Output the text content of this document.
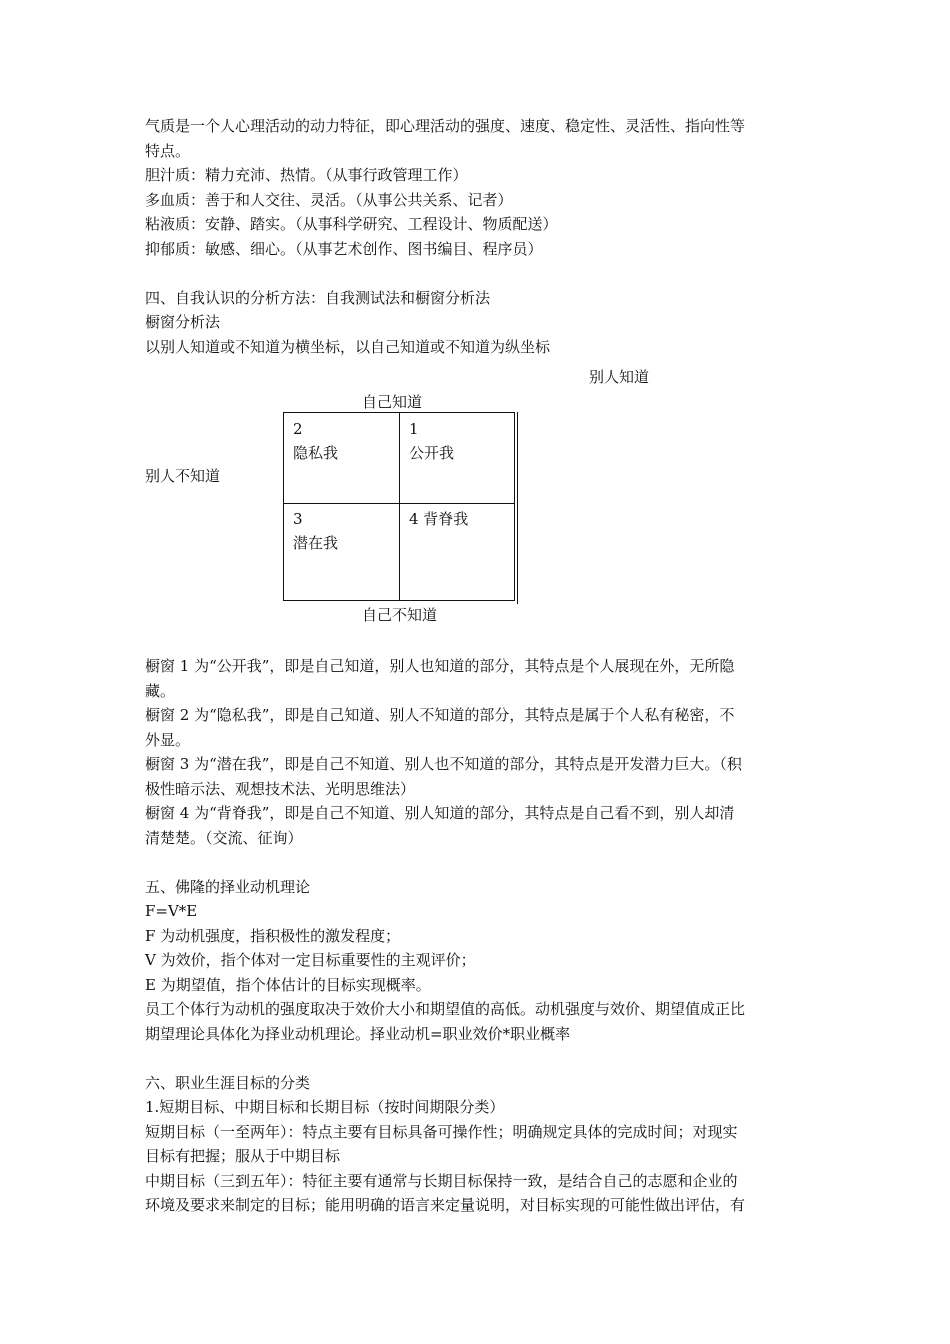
气质是一个人心理活动的动力特征，即心理活动的强度、速度、稳定性、灵活性、指向性等

特点。

胆汁质：精力充沛、热情。（从事行政管理工作）

多血质：善于和人交往、灵活。（从事公共关系、记者）

粘液质：安静、踏实。（从事科学研究、工程设计、物质配送）

抑郁质：敏感、细心。（从事艺术创作、图书编目、程序员）

四、自我认识的分析方法：自我测试法和橱窗分析法

橱窗分析法

以别人知道或不知道为横坐标，以自己知道或不知道为纵坐标

别人知道
自己知道
别人不知道
自己不知道
2
隐私我
1
公开我
3
潜在我
4 背脊我

橱窗 1 为“公开我”，即是自己知道，别人也知道的部分，其特点是个人展现在外，无所隐

藏。

橱窗 2 为“隐私我”，即是自己知道、别人不知道的部分，其特点是属于个人私有秘密，不

外显。

橱窗 3 为“潜在我”，即是自己不知道、别人也不知道的部分，其特点是开发潜力巨大。（积

极性暗示法、观想技术法、光明思维法）

橱窗 4 为“背脊我”，即是自己不知道、别人知道的部分，其特点是自己看不到，别人却清

清楚楚。（交流、征询）

五、佛隆的择业动机理论

F=V*E

F 为动机强度，指积极性的激发程度；

V 为效价，指个体对一定目标重要性的主观评价；

E 为期望值，指个体估计的目标实现概率。

员工个体行为动机的强度取决于效价大小和期望值的高低。动机强度与效价、期望值成正比

期望理论具体化为择业动机理论。择业动机=职业效价*职业概率

六、职业生涯目标的分类

1.短期目标、中期目标和长期目标（按时间期限分类）

短期目标（一至两年）：特点主要有目标具备可操作性；明确规定具体的完成时间；对现实

目标有把握；服从于中期目标

中期目标（三到五年）：特征主要有通常与长期目标保持一致，是结合自己的志愿和企业的

环境及要求来制定的目标；能用明确的语言来定量说明，对目标实现的可能性做出评估，有
